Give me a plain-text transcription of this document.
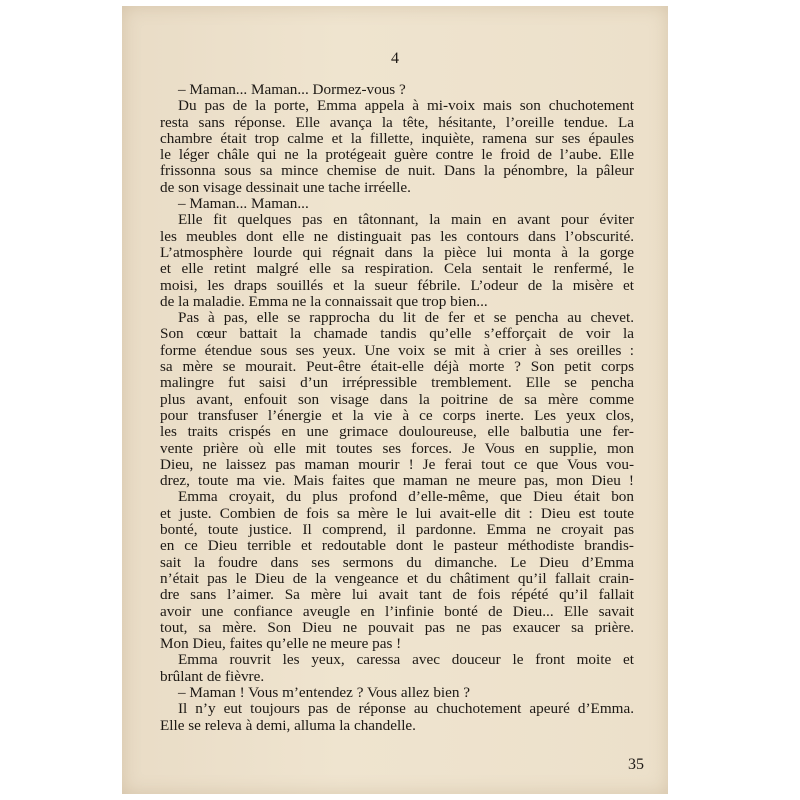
4
– Maman... Maman... Dormez-vous ?
Du pas de la porte, Emma appela à mi-voix mais son chuchotement
resta sans réponse. Elle avança la tête, hésitante, l’oreille tendue. La
chambre était trop calme et la fillette, inquiète, ramena sur ses épaules
le léger châle qui ne la protégeait guère contre le froid de l’aube. Elle
frissonna sous sa mince chemise de nuit. Dans la pénombre, la pâleur
de son visage dessinait une tache irréelle.
– Maman... Maman...
Elle fit quelques pas en tâtonnant, la main en avant pour éviter
les meubles dont elle ne distinguait pas les contours dans l’obscurité.
L’atmosphère lourde qui régnait dans la pièce lui monta à la gorge
et elle retint malgré elle sa respiration. Cela sentait le renfermé, le
moisi, les draps souillés et la sueur fébrile. L’odeur de la misère et
de la maladie. Emma ne la connaissait que trop bien...
Pas à pas, elle se rapprocha du lit de fer et se pencha au chevet.
Son cœur battait la chamade tandis qu’elle s’efforçait de voir la
forme étendue sous ses yeux. Une voix se mit à crier à ses oreilles :
sa mère se mourait. Peut-être était-elle déjà morte ? Son petit corps
malingre fut saisi d’un irrépressible tremblement. Elle se pencha
plus avant, enfouit son visage dans la poitrine de sa mère comme
pour transfuser l’énergie et la vie à ce corps inerte. Les yeux clos,
les traits crispés en une grimace douloureuse, elle balbutia une fer-
vente prière où elle mit toutes ses forces. Je Vous en supplie, mon
Dieu, ne laissez pas maman mourir ! Je ferai tout ce que Vous vou-
drez, toute ma vie. Mais faites que maman ne meure pas, mon Dieu !
Emma croyait, du plus profond d’elle-même, que Dieu était bon
et juste. Combien de fois sa mère le lui avait-elle dit : Dieu est toute
bonté, toute justice. Il comprend, il pardonne. Emma ne croyait pas
en ce Dieu terrible et redoutable dont le pasteur méthodiste brandis-
sait la foudre dans ses sermons du dimanche. Le Dieu d’Emma
n’était pas le Dieu de la vengeance et du châtiment qu’il fallait crain-
dre sans l’aimer. Sa mère lui avait tant de fois répété qu’il fallait
avoir une confiance aveugle en l’infinie bonté de Dieu... Elle savait
tout, sa mère. Son Dieu ne pouvait pas ne pas exaucer sa prière.
Mon Dieu, faites qu’elle ne meure pas !
Emma rouvrit les yeux, caressa avec douceur le front moite et
brûlant de fièvre.
– Maman ! Vous m’entendez ? Vous allez bien ?
Il n’y eut toujours pas de réponse au chuchotement apeuré d’Emma.
Elle se releva à demi, alluma la chandelle.
35
